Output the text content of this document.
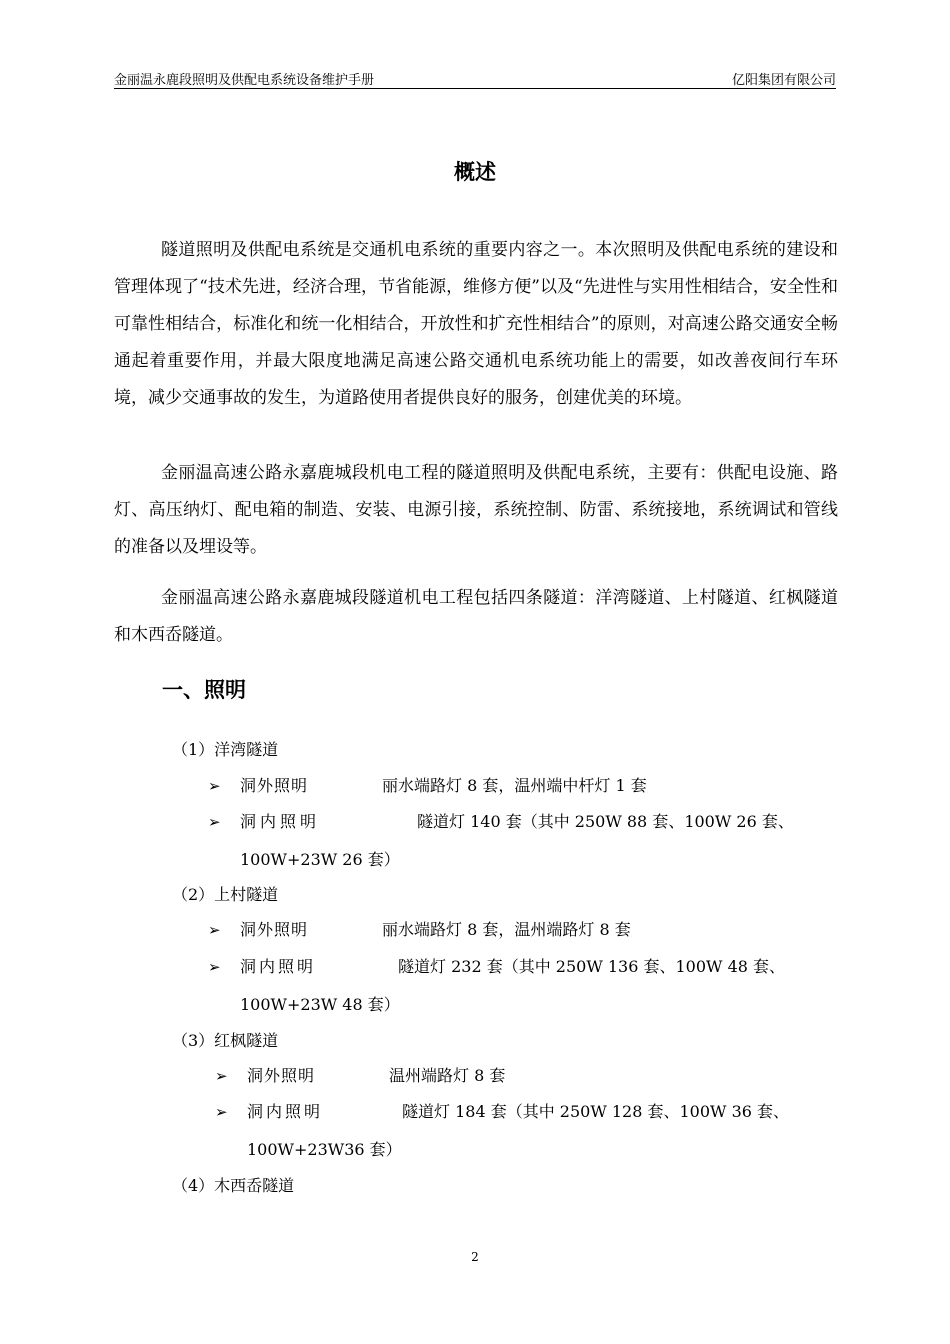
金丽温永鹿段照明及供配电系统设备维护手册	亿阳集团有限公司
概述

隧道照明及供配电系统是交通机电系统的重要内容之一。本次照明及供配电系统的建设和管理体现了“技术先进，经济合理，节省能源，维修方便”以及“先进性与实用性相结合，安全性和可靠性相结合，标准化和统一化相结合，开放性和扩充性相结合”的原则，对高速公路交通安全畅通起着重要作用，并最大限度地满足高速公路交通机电系统功能上的需要，如改善夜间行车环境，减少交通事故的发生，为道路使用者提供良好的服务，创建优美的环境。

金丽温高速公路永嘉鹿城段机电工程的隧道照明及供配电系统，主要有：供配电设施、路灯、高压纳灯、配电箱的制造、安装、电源引接，系统控制、防雷、系统接地，系统调试和管线的准备以及埋设等。

金丽温高速公路永嘉鹿城段隧道机电工程包括四条隧道：洋湾隧道、上村隧道、红枫隧道和木西岙隧道。

一、照明
（1）洋湾隧道
➢ 洞外照明	丽水端路灯 8 套，温州端中杆灯 1 套
➢ 洞内照明	隧道灯 140 套（其中 250W 88 套、100W 26 套、
100W+23W 26 套）
（2）上村隧道
➢ 洞外照明	丽水端路灯 8 套，温州端路灯 8 套
➢ 洞内照明	隧道灯 232 套（其中 250W 136 套、100W 48 套、
100W+23W 48 套）
（3）红枫隧道
➢ 洞外照明	温州端路灯 8 套
➢ 洞内照明	隧道灯 184 套（其中 250W 128 套、100W 36 套、
100W+23W36 套）
（4）木西岙隧道
2
